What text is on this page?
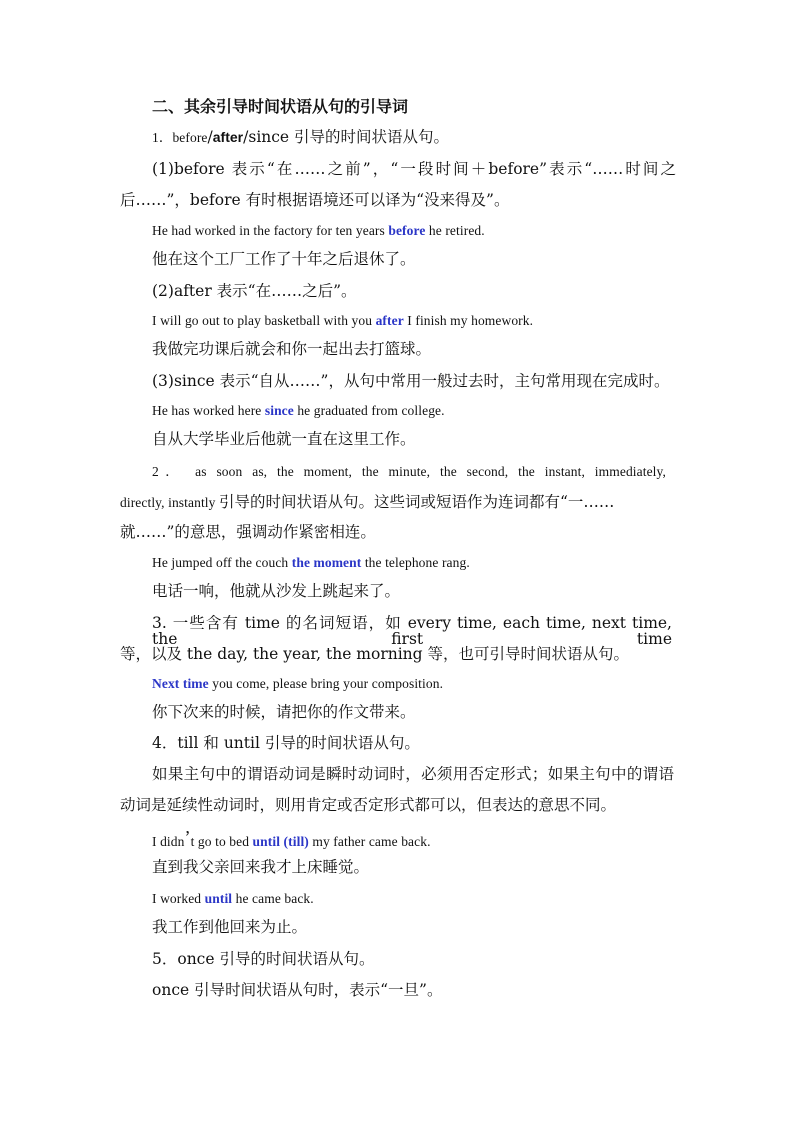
二、其余引导时间状语从句的引导词
1．before/after/since 引导的时间状语从句。
(1)before 表示“在……之前”，“一段时间＋before”表示“……时间之
后……”，before 有时根据语境还可以译为“没来得及”。
He had worked in the factory for ten years before he retired.
他在这个工厂工作了十年之后退休了。
(2)after 表示“在……之后”。
I will go out to play basketball with you after I finish my homework.
我做完功课后就会和你一起出去打篮球。
(3)since 表示“自从……”，从句中常用一般过去时，主句常用现在完成时。
He has worked here since he graduated from college.
自从大学毕业后他就一直在这里工作。
2． as soon as, the moment, the minute, the second, the instant, immediately,
directly, instantly 引导的时间状语从句。这些词或短语作为连词都有“一……
就……”的意思，强调动作紧密相连。
He jumped off the couch the moment the telephone rang.
电话一响，他就从沙发上跳起来了。
3. 一些含有 time 的名词短语，如 every time, each time, next time, the first time
等，以及 the day, the year, the morning 等，也可引导时间状语从句。
Next time you come, please bring your composition.
你下次来的时候，请把你的作文带来。
4．till 和 until 引导的时间状语从句。
如果主句中的谓语动词是瞬时动词时，必须用否定形式；如果主句中的谓语
动词是延续性动词时，则用肯定或否定形式都可以，但表达的意思不同。
I didn’t go to bed until (till) my father came back.
直到我父亲回来我才上床睡觉。
I worked until he came back.
我工作到他回来为止。
5．once 引导的时间状语从句。
once 引导时间状语从句时，表示“一旦”。
